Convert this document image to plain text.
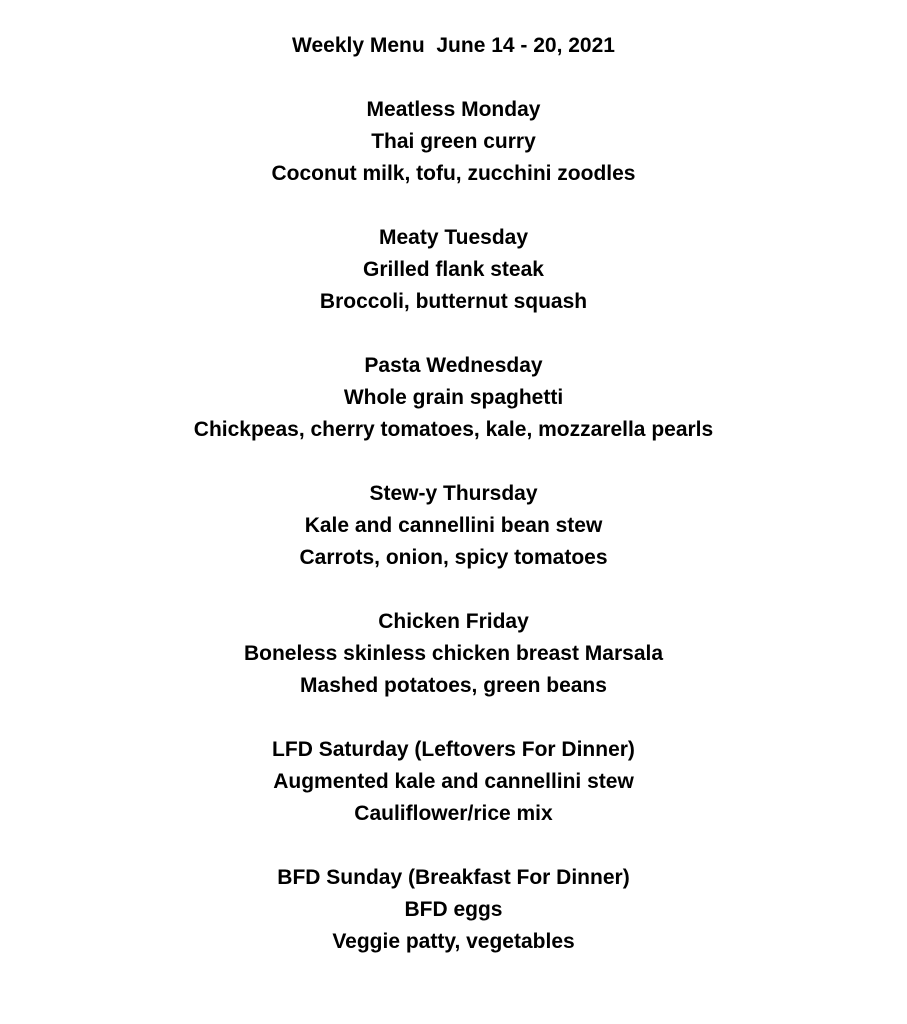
Weekly Menu  June 14 - 20, 2021
Meatless Monday
Thai green curry
Coconut milk, tofu, zucchini zoodles
Meaty Tuesday
Grilled flank steak
Broccoli, butternut squash
Pasta Wednesday
Whole grain spaghetti
Chickpeas, cherry tomatoes, kale, mozzarella pearls
Stew-y Thursday
Kale and cannellini bean stew
Carrots, onion, spicy tomatoes
Chicken Friday
Boneless skinless chicken breast Marsala
Mashed potatoes, green beans
LFD Saturday (Leftovers For Dinner)
Augmented kale and cannellini stew
Cauliflower/rice mix
BFD Sunday (Breakfast For Dinner)
BFD eggs
Veggie patty, vegetables
